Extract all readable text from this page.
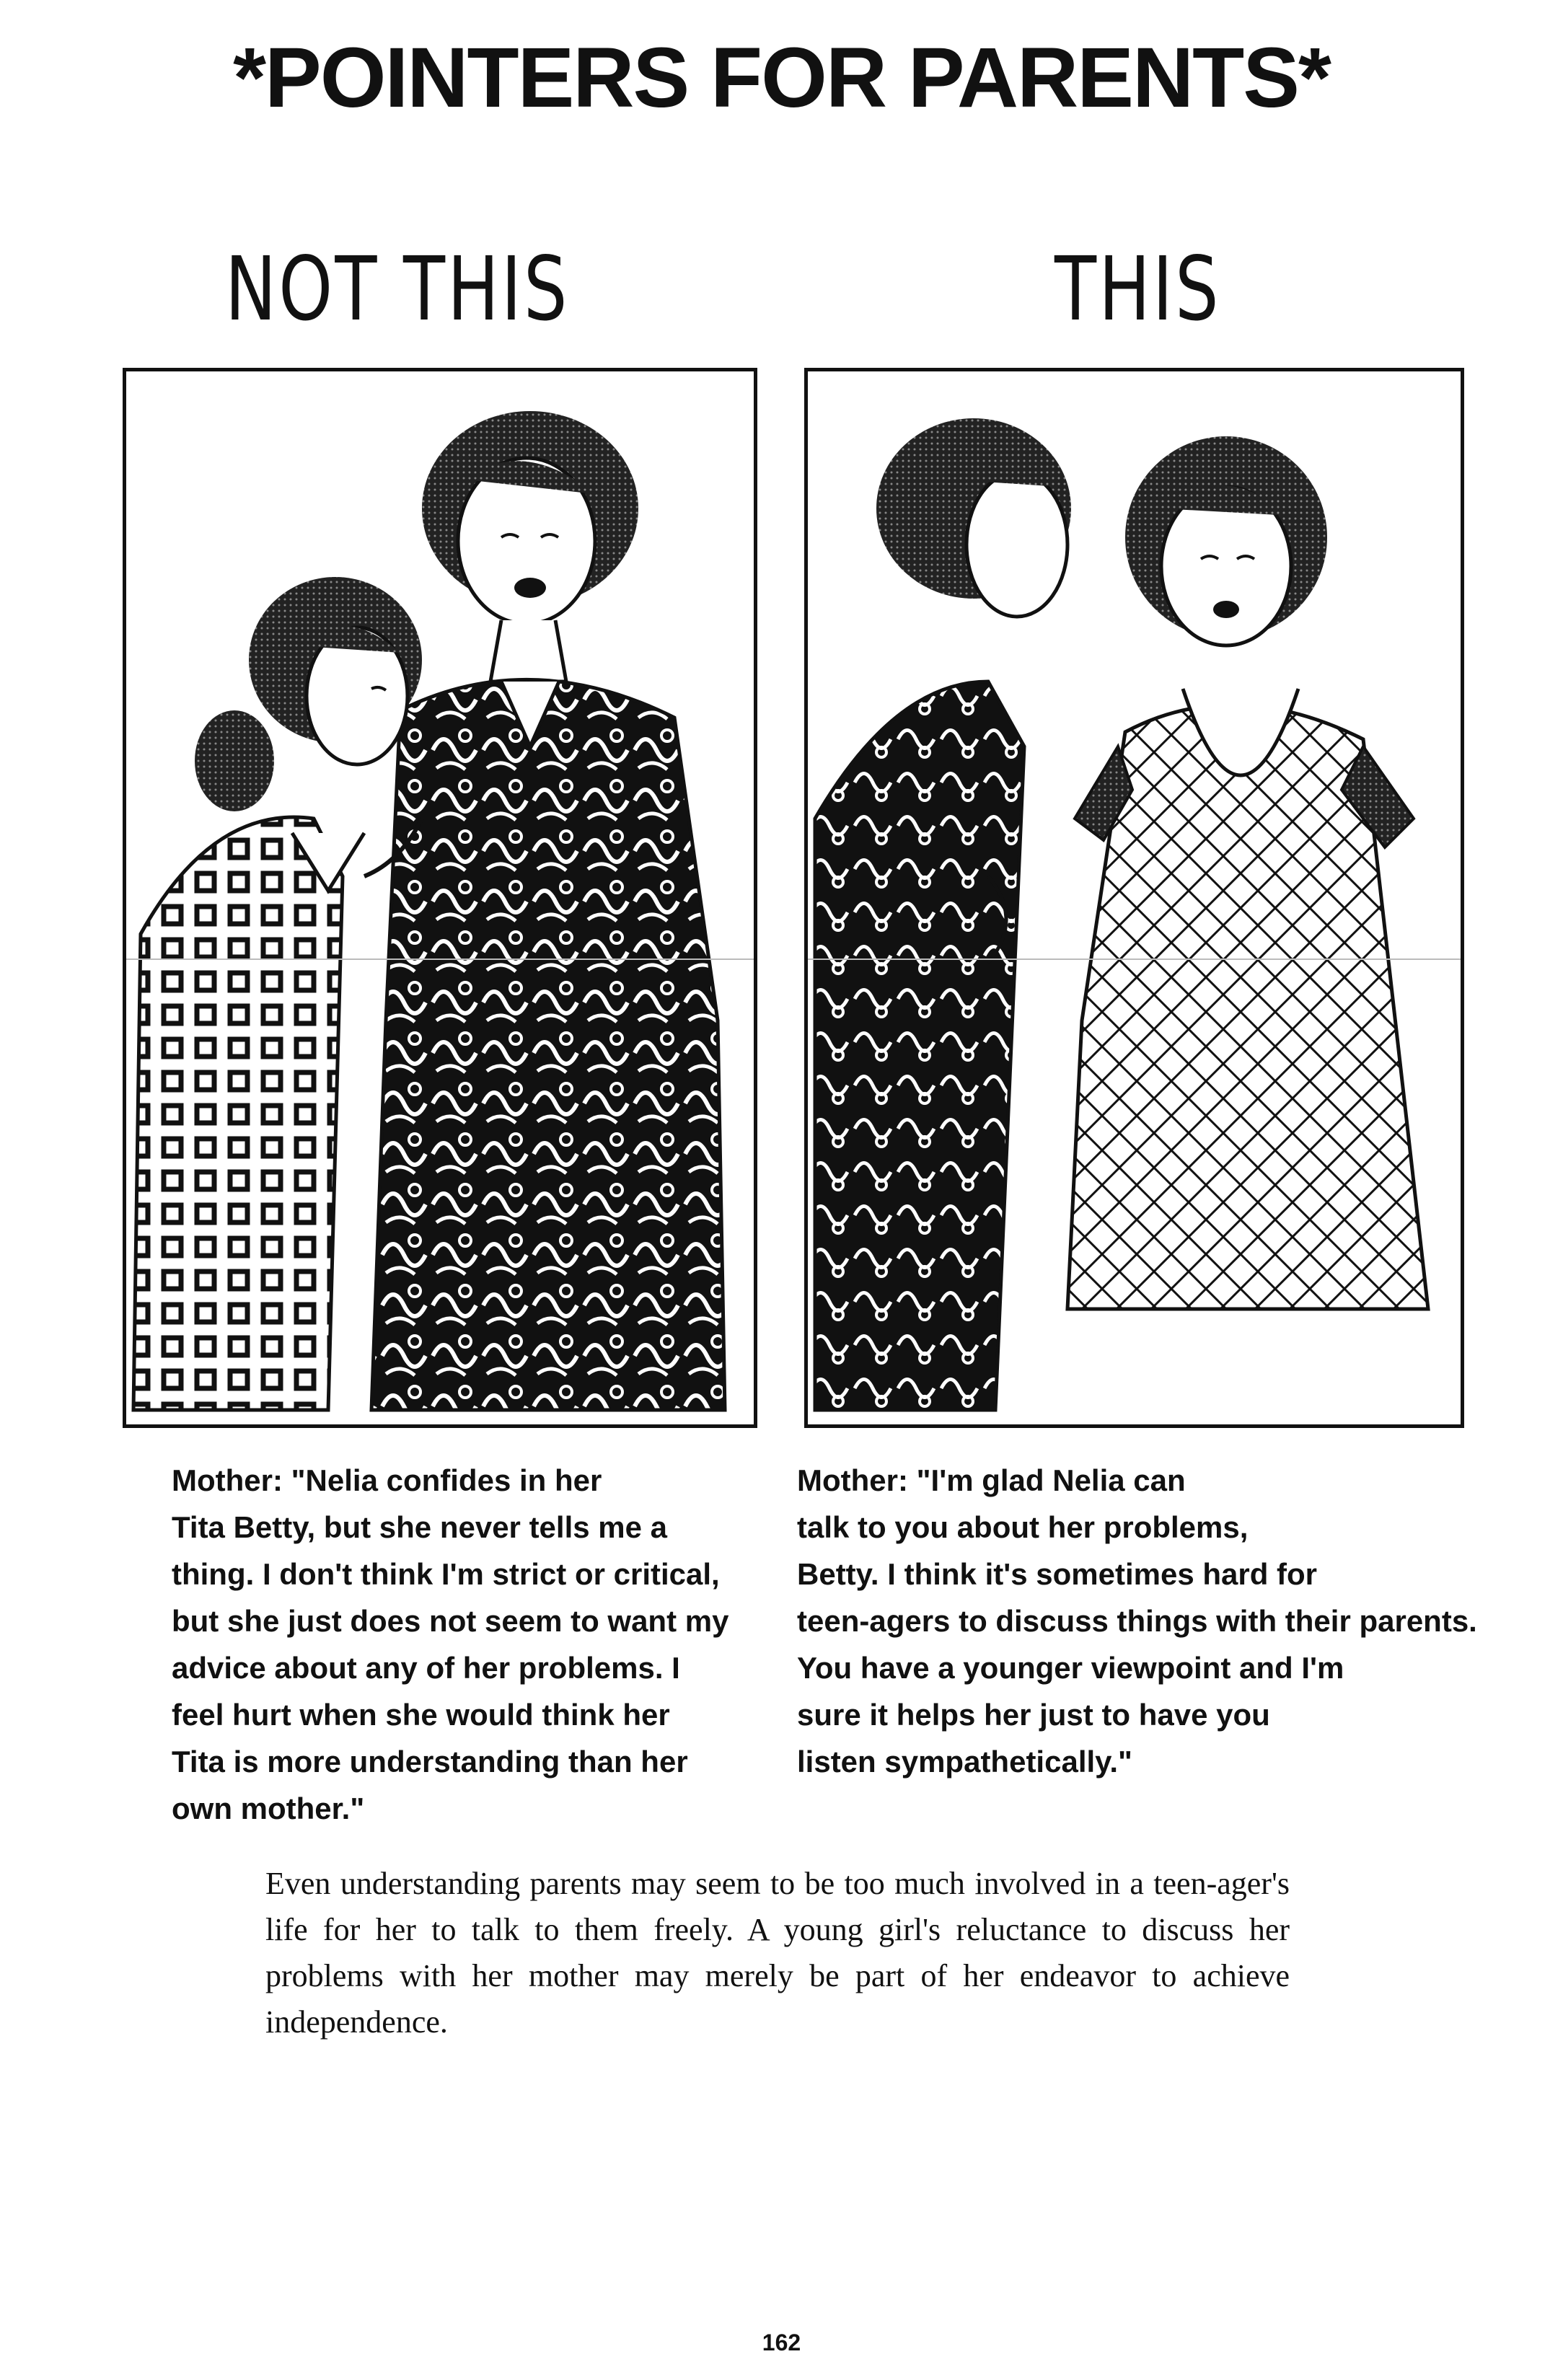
*POINTERS FOR PARENTS*
NOT THIS	THIS
Mother: "Nelia confides in her
Tita Betty, but she never tells me a
thing. I don't think I'm strict or critical,
but she just does not seem to want my
advice about any of her problems. I
feel hurt when she would think her
Tita is more understanding than her
own mother."
Mother: "I'm glad Nelia can
talk to you about her problems,
Betty. I think it's sometimes hard for
teen-agers to discuss things with their parents.
You have a younger viewpoint and I'm
sure it helps her just to have you
listen sympathetically."
Even understanding parents may seem to be too much involved in a teen-ager's life for her to talk to them freely. A young girl's reluctance to discuss her problems with her mother may merely be part of her endeavor to achieve independence.
162
